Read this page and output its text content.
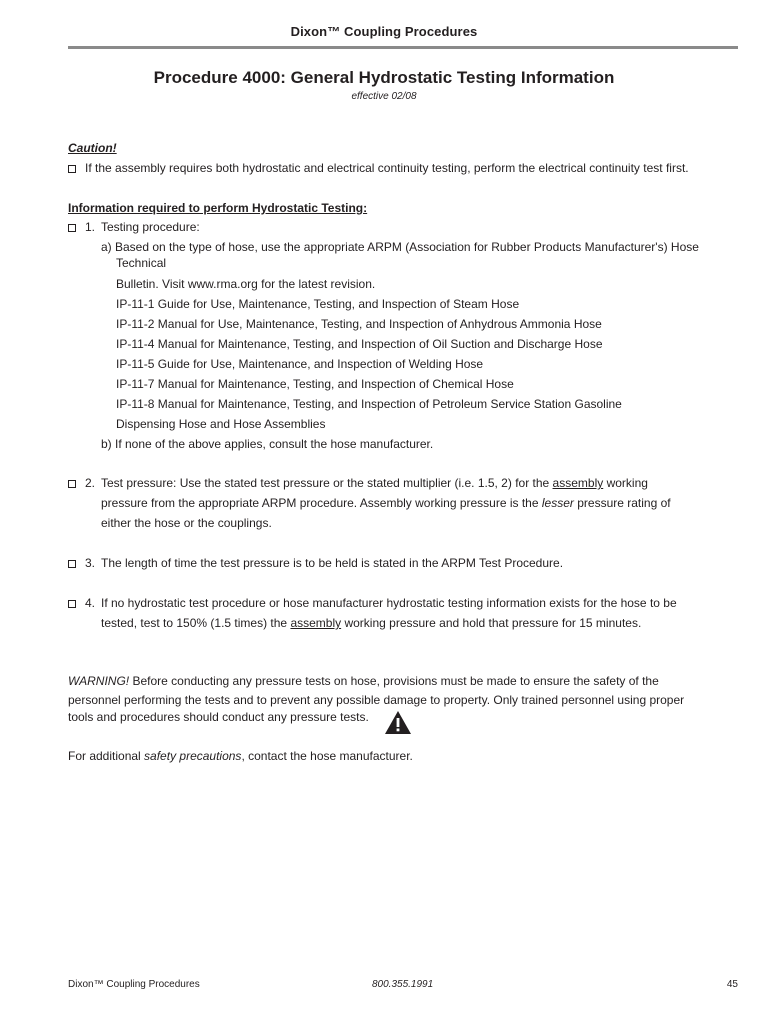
Dixon™ Coupling Procedures
Procedure 4000: General Hydrostatic Testing Information
effective 02/08
Caution!
If the assembly requires both hydrostatic and electrical continuity testing, perform the electrical continuity test first.
Information required to perform Hydrostatic Testing:
1. Testing procedure:
a) Based on the type of hose, use the appropriate ARPM (Association for Rubber Products Manufacturer's) Hose
Technical
Bulletin. Visit www.rma.org for the latest revision.
IP-11-1 Guide for Use, Maintenance, Testing, and Inspection of Steam Hose
IP-11-2 Manual for Use, Maintenance, Testing, and Inspection of Anhydrous Ammonia Hose
IP-11-4 Manual for Maintenance, Testing, and Inspection of Oil Suction and Discharge Hose
IP-11-5 Guide for Use, Maintenance, and Inspection of Welding Hose
IP-11-7 Manual for Maintenance, Testing, and Inspection of Chemical Hose
IP-11-8 Manual for Maintenance, Testing, and Inspection of Petroleum Service Station Gasoline
Dispensing Hose and Hose Assemblies
b) If none of the above applies, consult the hose manufacturer.
2. Test pressure: Use the stated test pressure or the stated multiplier (i.e. 1.5, 2) for the assembly working
pressure from the appropriate ARPM procedure. Assembly working pressure is the lesser pressure rating of
either the hose or the couplings.
3. The length of time the test pressure is to be held is stated in the ARPM Test Procedure.
4. If no hydrostatic test procedure or hose manufacturer hydrostatic testing information exists for the hose to be
tested, test to 150% (1.5 times) the assembly working pressure and hold that pressure for 15 minutes.
WARNING! Before conducting any pressure tests on hose, provisions must be made to ensure the safety of the
personnel performing the tests and to prevent any possible damage to property. Only trained personnel using proper
tools and procedures should conduct any pressure tests.
For additional safety precautions, contact the hose manufacturer.
Dixon™ Coupling Procedures	800.355.1991	45
